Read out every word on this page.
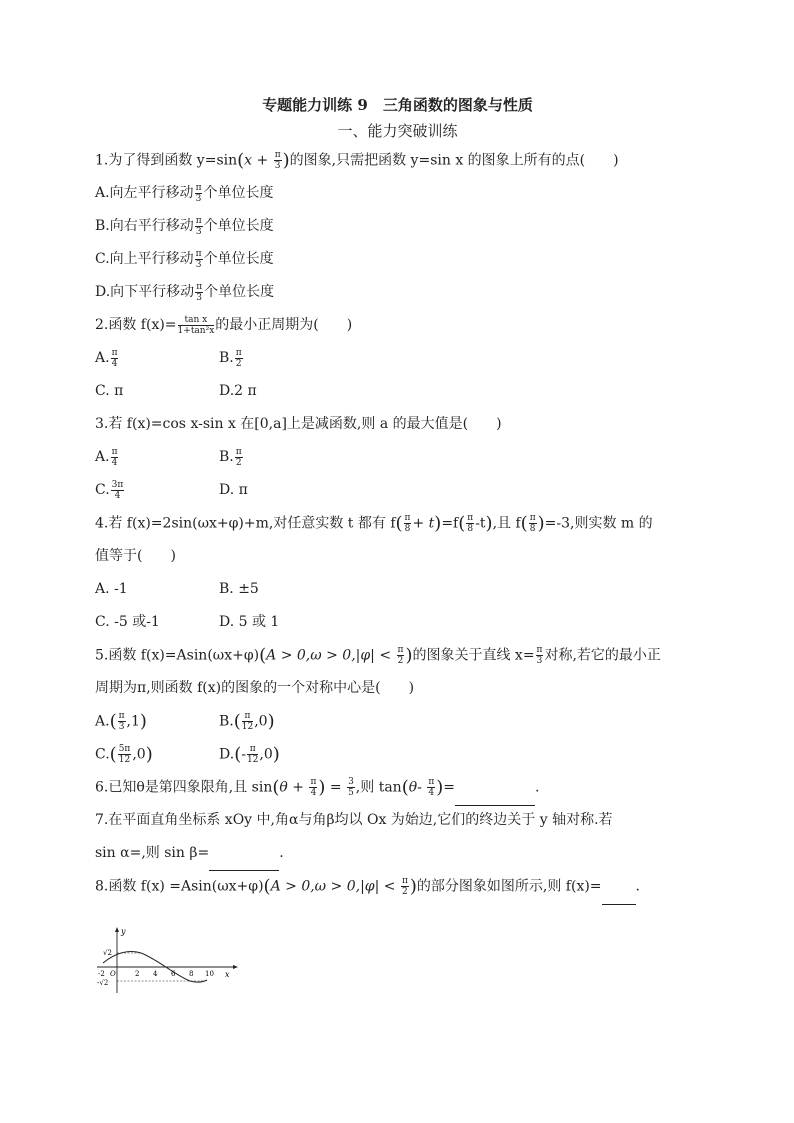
专题能力训练 9　三角函数的图象与性质
一、能力突破训练
1.为了得到函数 $y=\sin(x + \frac{\pi}{3}$ )的图象,只需把函数 y=sin x 的图象上所有的点(　　)
A.向左平行移动 $\frac{\pi}{3}$ 个单位长度
B.向右平行移动 $\frac{\pi}{3}$ 个单位长度
C.向上平行移动 $\frac{\pi}{3}$ 个单位长度
D.向下平行移动 $\frac{\pi}{3}$ 个单位长度
2.函数 $f(x)= \frac{\text{tan x}}{\text{1+tan²x}}$ 的最小正周期为(　　)
A. $\frac{\pi}{4}$	B. $\frac{\pi}{2}$
C. π	D.2 π
3.若 f(x)=cos x-sin x 在[0,a]上是减函数,则 a 的最大值是(　　)
A. $\frac{\pi}{4}$	B. $\frac{\pi}{2}$
C. $\frac{3\pi}{4}$	D. π
4.若 f(x)=2sin(ωx+φ)+m,对任意实数 t 都有 $f( \frac{\pi}{8} + t)=f( \frac{\pi}{8} -t)$,且 $f( \frac{\pi}{8} )=-3$,则实数 m 的
值等于(　　)
A. -1	B. ±5
C. -5 或-1	D. 5 或 1
5.函数 $f(x)=Asin(\omega x+\varphi)(A > 0,\omega > 0,|\varphi| < \frac{\pi}{2}$ )的图象关于直线 $x= \frac{\pi}{3}$ 对称,若它的最小正
周期为π,则函数 f(x)的图象的一个对称中心是(　　)
$A.( \frac{\pi}{3} ,1)$	$B.( \frac{\pi}{12} ,0)$
$C.( \frac{5\pi}{12} ,0)$	$D.(- \frac{\pi}{12} ,0)$
6.已知θ是第四象限角,且 $\sin(\theta + \frac{\pi}{4}$ ) = $\frac{3}{5}$ ,则 $\tan(\theta- \frac{\pi}{4}$ )=	.
7.在平面直角坐标系 xOy 中,角α与角β均以 Ox 为始边,它们的终边关于 y 轴对称.若
sin α=,则 sin β=	.
8.函数 $f(x) =Asin(\omega x+\varphi)(A > 0,\omega > 0,|\varphi| < \frac{\pi}{2}$ )的部分图象如图所示,则 f(x)= .
y
x
-2 O	2 4 6 8 10
√2
-√2
